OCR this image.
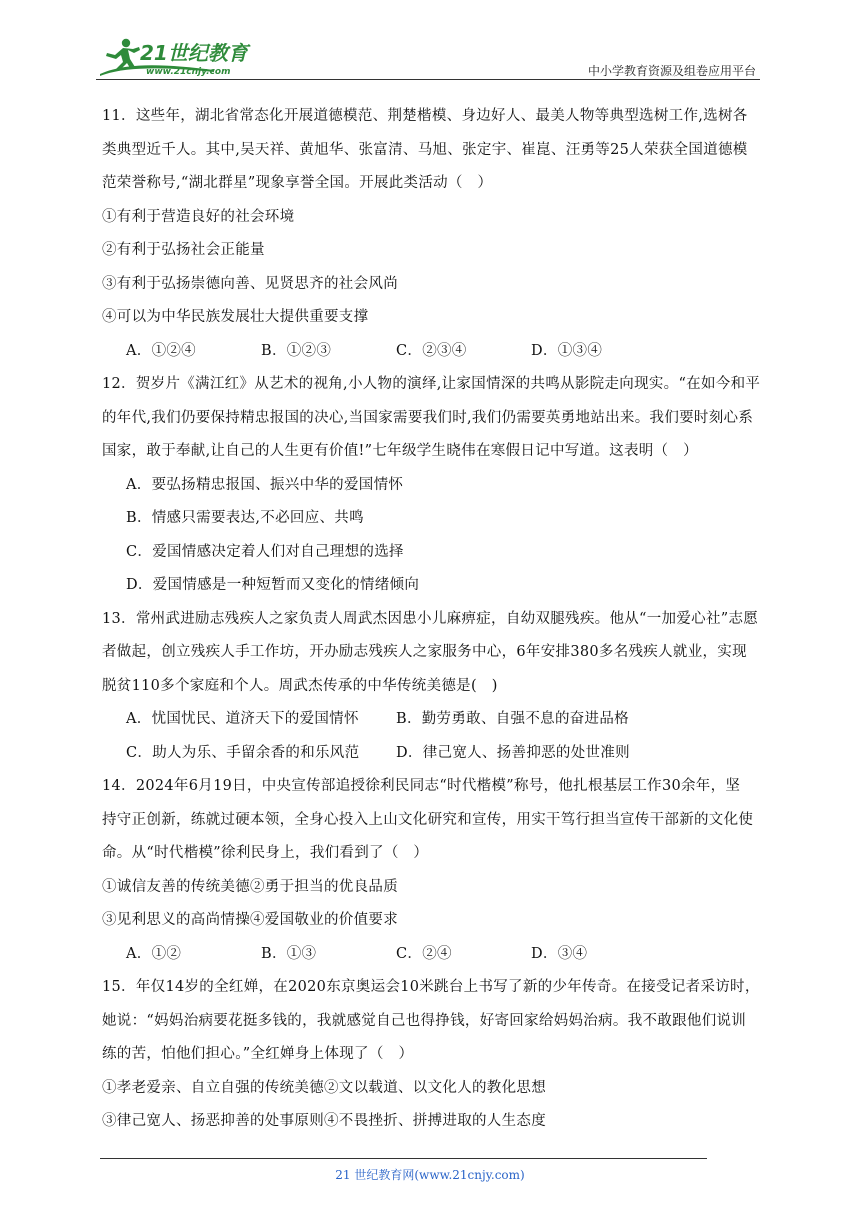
21世纪教育
www.21cnjy.com	中小学教育资源及组卷应用平台
11．这些年，湖北省常态化开展道德模范、荆楚楷模、身边好人、最美人物等典型选树工作,选树各
类典型近千人。其中,吴天祥、黄旭华、张富清、马旭、张定宇、崔崑、汪勇等25人荣获全国道德模
范荣誉称号,“湖北群星”现象享誉全国。开展此类活动（　）
①有利于营造良好的社会环境
②有利于弘扬社会正能量
③有利于弘扬崇德向善、见贤思齐的社会风尚
④可以为中华民族发展壮大提供重要支撑
A．①②④	B．①②③	C．②③④	D．①③④
12．贺岁片《满江红》从艺术的视角,小人物的演绎,让家国情深的共鸣从影院走向现实。“在如今和平
的年代,我们仍要保持精忠报国的决心,当国家需要我们时,我们仍需要英勇地站出来。我们要时刻心系
国家，敢于奉献,让自己的人生更有价值!”七年级学生晓伟在寒假日记中写道。这表明（　）
A．要弘扬精忠报国、振兴中华的爱国情怀
B．情感只需要表达,不必回应、共鸣
C．爱国情感决定着人们对自己理想的选择
D．爱国情感是一种短暂而又变化的情绪倾向
13．常州武进励志残疾人之家负责人周武杰因患小儿麻痹症，自幼双腿残疾。他从“一加爱心社”志愿
者做起，创立残疾人手工作坊，开办励志残疾人之家服务中心，6年安排380多名残疾人就业，实现
脱贫110多个家庭和个人。周武杰传承的中华传统美德是(　)
A．忧国忧民、道济天下的爱国情怀	B．勤劳勇敢、自强不息的奋进品格
C．助人为乐、手留余香的和乐风范	D．律己宽人、扬善抑恶的处世准则
14．2024年6月19日，中央宣传部追授徐利民同志“时代楷模”称号，他扎根基层工作30余年，坚
持守正创新，练就过硬本领，全身心投入上山文化研究和宣传，用实干笃行担当宣传干部新的文化使
命。从“时代楷模”徐利民身上，我们看到了（　）
①诚信友善的传统美德②勇于担当的优良品质
③见利思义的高尚情操④爱国敬业的价值要求
A．①②	B．①③	C．②④	D．③④
15．年仅14岁的全红婵，在2020东京奥运会10米跳台上书写了新的少年传奇。在接受记者采访时，
她说：“妈妈治病要花挺多钱的，我就感觉自己也得挣钱，好寄回家给妈妈治病。我不敢跟他们说训
练的苦，怕他们担心。”全红婵身上体现了（　）
①孝老爱亲、自立自强的传统美德②文以载道、以文化人的教化思想
③律己宽人、扬恶抑善的处事原则④不畏挫折、拼搏进取的人生态度
21 世纪教育网(www.21cnjy.com)
